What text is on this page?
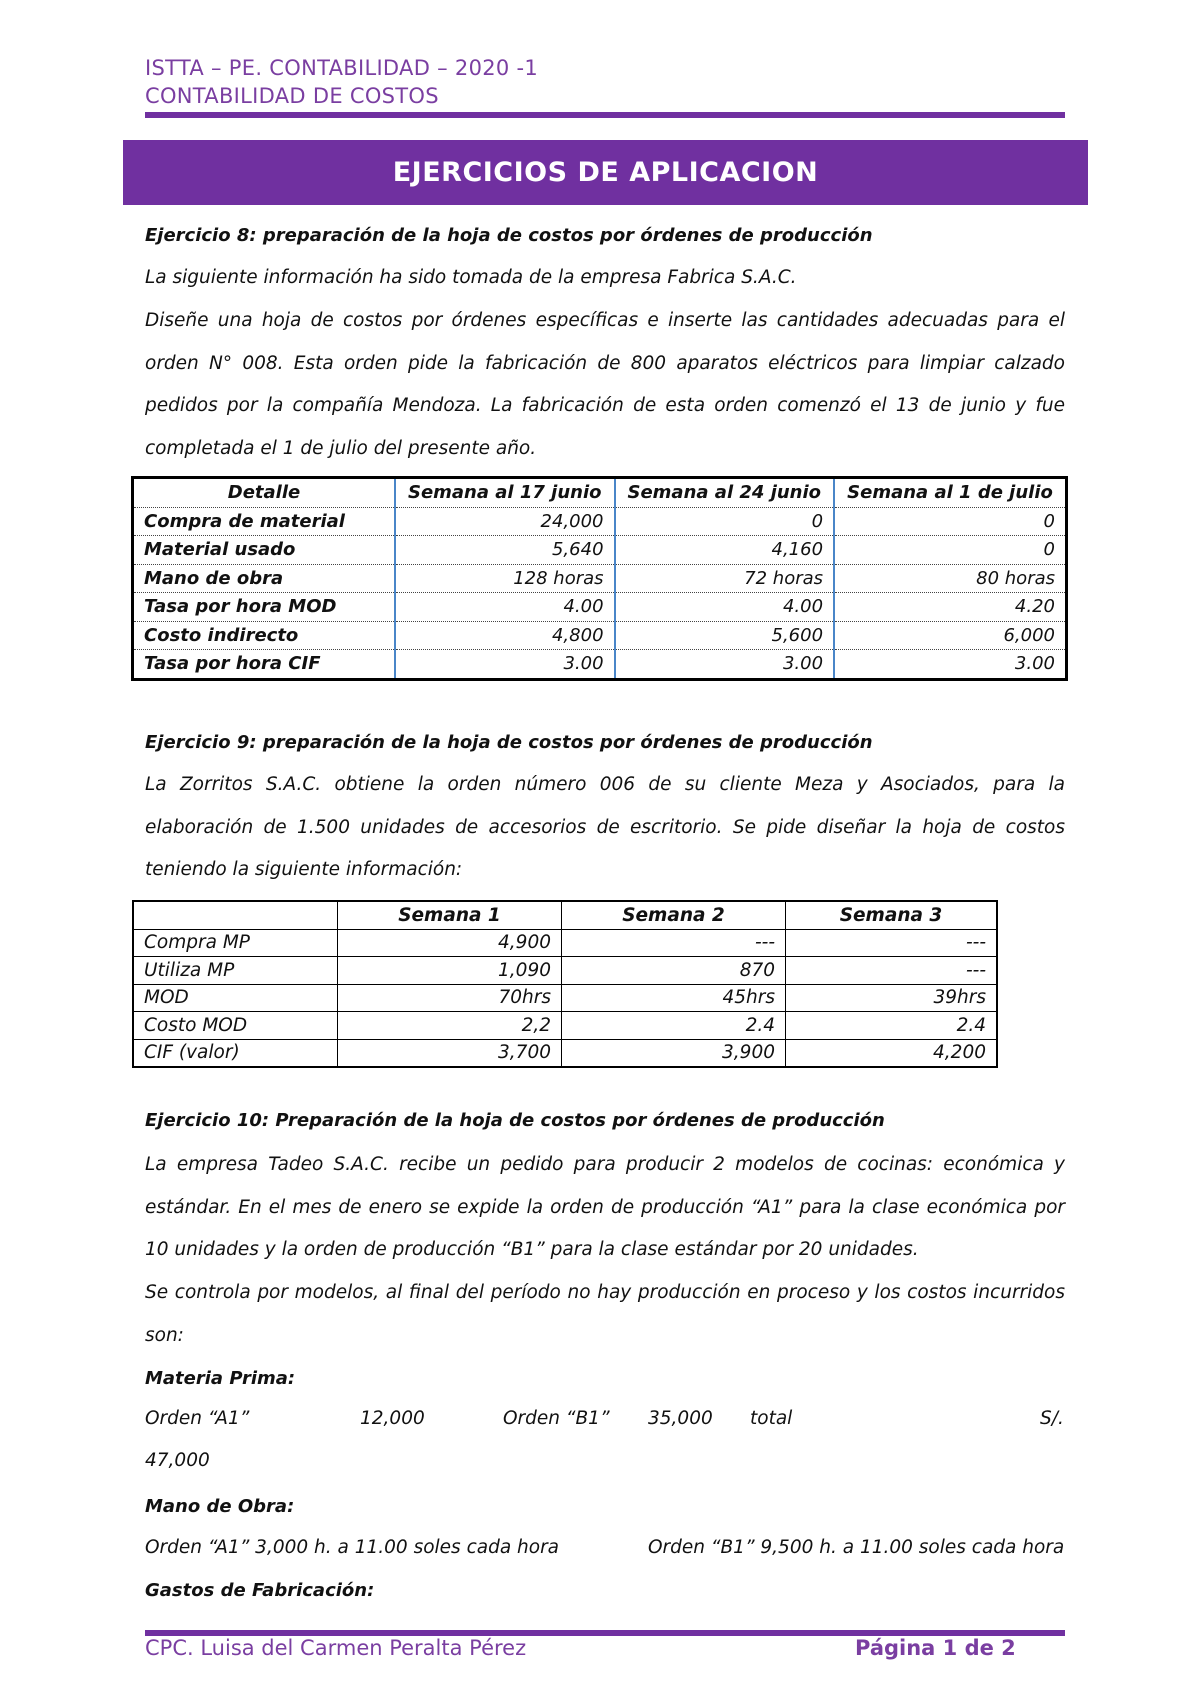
ISTTA – PE. CONTABILIDAD – 2020 -1
CONTABILIDAD DE COSTOS
EJERCICIOS DE APLICACION
Ejercicio 8: preparación de la hoja de costos por órdenes de producción
La siguiente información ha sido tomada de la empresa Fabrica S.A.C.
Diseñe una hoja de costos por órdenes específicas e inserte las cantidades adecuadas para el orden N° 008. Esta orden pide la fabricación de 800 aparatos eléctricos para limpiar calzado pedidos por la compañía Mendoza. La fabricación de esta orden comenzó el 13 de junio y fue completada el 1 de julio del presente año.
Detalle	Semana al 17 junio	Semana al 24 junio	Semana al 1 de julio
Compra de material	24,000	0	0
Material usado	5,640	4,160	0
Mano de obra	128 horas	72 horas	80 horas
Tasa por hora MOD	4.00	4.00	4.20
Costo indirecto	4,800	5,600	6,000
Tasa por hora CIF	3.00	3.00	3.00
Ejercicio 9: preparación de la hoja de costos por órdenes de producción
La Zorritos S.A.C. obtiene la orden número 006 de su cliente Meza y Asociados, para la elaboración de 1.500 unidades de accesorios de escritorio. Se pide diseñar la hoja de costos teniendo la siguiente información:
	Semana 1	Semana 2	Semana 3
Compra MP	4,900	---	---
Utiliza MP	1,090	870	---
MOD	70hrs	45hrs	39hrs
Costo MOD	2,2	2.4	2.4
CIF (valor)	3,700	3,900	4,200
Ejercicio 10: Preparación de la hoja de costos por órdenes de producción
La empresa Tadeo S.A.C. recibe un pedido para producir 2 modelos de cocinas: económica y estándar. En el mes de enero se expide la orden de producción “A1” para la clase económica por 10 unidades y la orden de producción “B1” para la clase estándar por 20 unidades.
Se controla por modelos, al final del período no hay producción en proceso y los costos incurridos son:
Materia Prima:
Orden “A1”	12,000	Orden “B1” 35,000 total	S/.
47,000
Mano de Obra:
Orden “A1” 3,000 h. a 11.00 soles cada hora	Orden “B1” 9,500 h. a 11.00 soles cada hora
Gastos de Fabricación:
CPC. Luisa del Carmen Peralta Pérez	Página 1 de 2
